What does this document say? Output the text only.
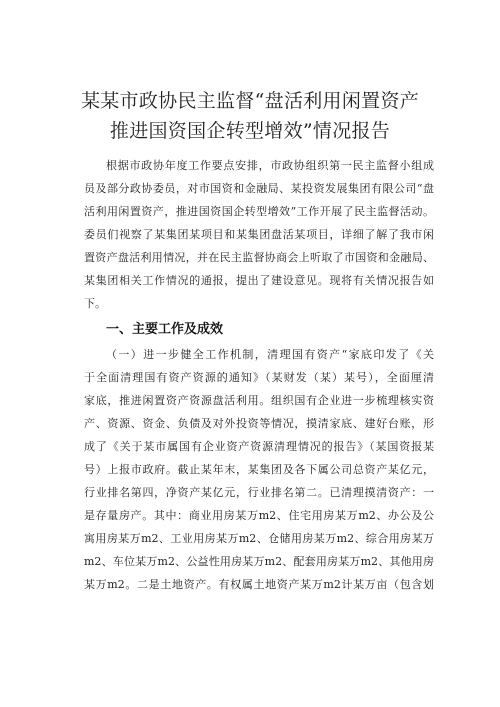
某某市政协民主监督“盘活利用闲置资产
推进国资国企转型增效”情况报告
根据市政协年度工作要点安排，市政协组织第一民主监督小组成
员及部分政协委员，对市国资和金融局、某投资发展集团有限公司“盘
活利用闲置资产，推进国资国企转型增效”工作开展了民主监督活动。
委员们视察了某集团某项目和某集团盘活某项目，详细了解了我市闲
置资产盘活利用情况，并在民主监督协商会上听取了市国资和金融局、
某集团相关工作情况的通报，提出了建设意见。现将有关情况报告如
下。
一、主要工作及成效
（一）进一步健全工作机制，清理国有资产“家底印发了《关
于全面清理国有资产资源的通知》（某财发（某）某号），全面厘清
家底，推进闲置资产资源盘活利用。组织国有企业进一步梳理核实资
产、资源、资金、负债及对外投资等情况，摸清家底、建好台账，形
成了《关于某市属国有企业资产资源清理情况的报告》（某国资报某
号）上报市政府。截止某年末，某集团及各下属公司总资产某亿元，
行业排名第四，净资产某亿元，行业排名第二。已清理摸清资产：一
是存量房产。其中：商业用房某万m2、住宅用房某万m2、办公及公
寓用房某万m2、工业用房某万m2、仓储用房某万m2、综合用房某万
m2、车位某万m2、公益性用房某万m2、配套用房某万m2、其他用房
某万m2。二是土地资产。有权属土地资产某万m2计某万亩（包含划
